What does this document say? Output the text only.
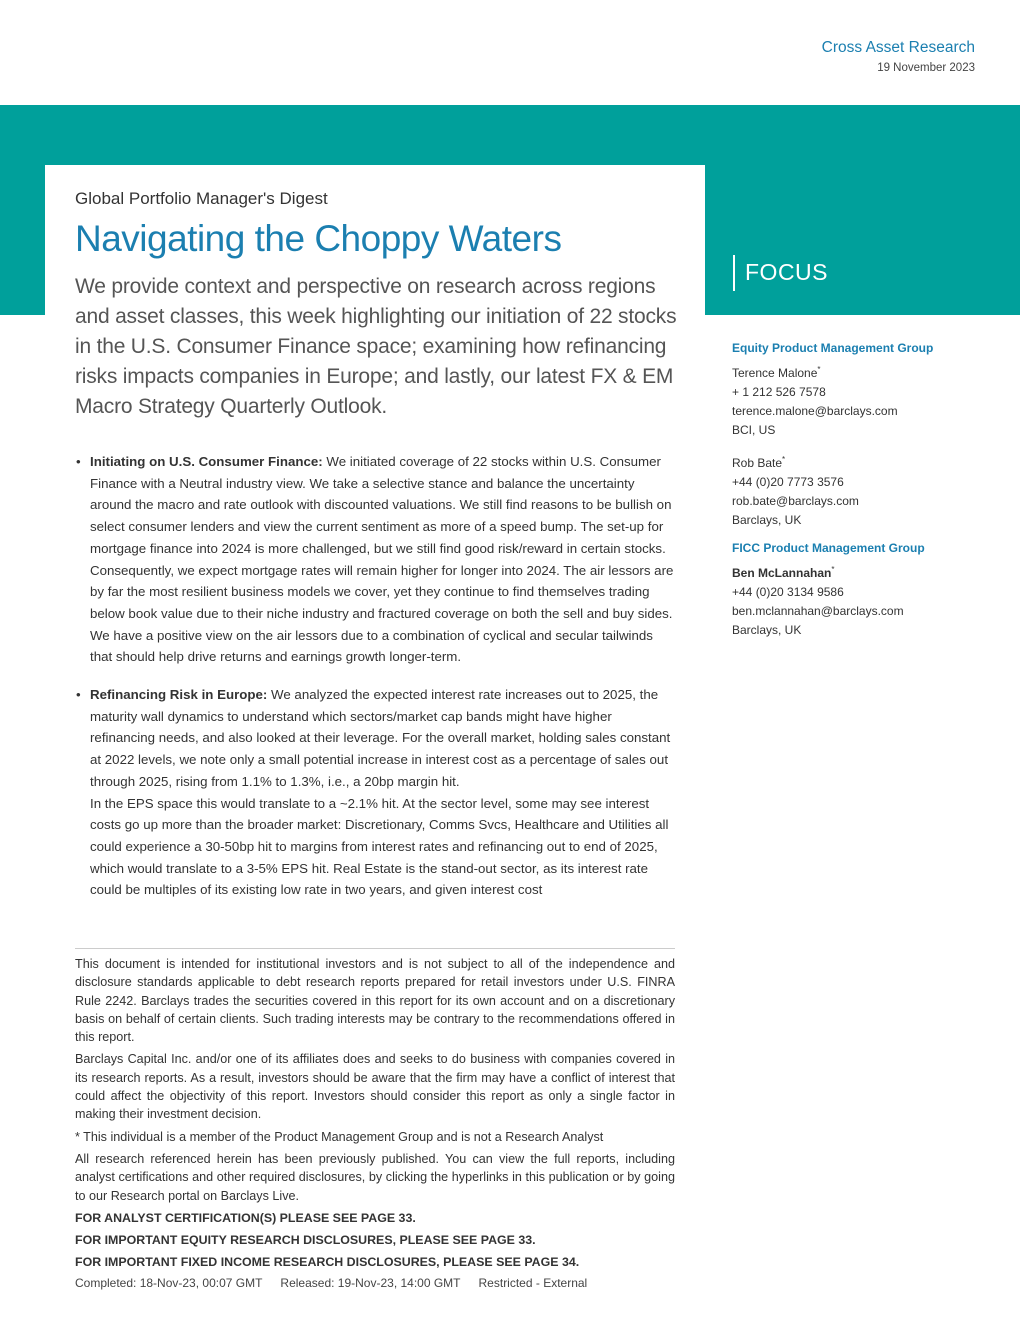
Cross Asset Research
19 November 2023
Global Portfolio Manager's Digest
Navigating the Choppy Waters

We provide context and perspective on research across regions and asset classes, this week highlighting our initiation of 22 stocks in the U.S. Consumer Finance space; examining how refinancing risks impacts companies in Europe; and lastly, our latest FX & EM Macro Strategy Quarterly Outlook.

FOCUS
Equity Product Management Group
Terence Malone*
+ 1 212 526 7578
terence.malone@barclays.com
BCI, US
Rob Bate*
+44 (0)20 7773 3576
rob.bate@barclays.com
Barclays, UK
FICC Product Management Group
Ben McLannahan*
+44 (0)20 3134 9586
ben.mclannahan@barclays.com
Barclays, UK
• Initiating on U.S. Consumer Finance: We initiated coverage of 22 stocks within U.S. Consumer Finance with a Neutral industry view. We take a selective stance and balance the uncertainty around the macro and rate outlook with discounted valuations. We still find reasons to be bullish on select consumer lenders and view the current sentiment as more of a speed bump. The set-up for mortgage finance into 2024 is more challenged, but we still find good risk/reward in certain stocks. Consequently, we expect mortgage rates will remain higher for longer into 2024. The air lessors are by far the most resilient business models we cover, yet they continue to find themselves trading below book value due to their niche industry and fractured coverage on both the sell and buy sides. We have a positive view on the air lessors due to a combination of cyclical and secular tailwinds that should help drive returns and earnings growth longer-term.
• Refinancing Risk in Europe: We analyzed the expected interest rate increases out to 2025, the maturity wall dynamics to understand which sectors/market cap bands might have higher refinancing needs, and also looked at their leverage. For the overall market, holding sales constant at 2022 levels, we note only a small potential increase in interest cost as a percentage of sales out through 2025, rising from 1.1% to 1.3%, i.e., a 20bp margin hit.
In the EPS space this would translate to a ~2.1% hit. At the sector level, some may see interest costs go up more than the broader market: Discretionary, Comms Svcs, Healthcare and Utilities all could experience a 30-50bp hit to margins from interest rates and refinancing out to end of 2025, which would translate to a 3-5% EPS hit. Real Estate is the stand-out sector, as its interest rate could be multiples of its existing low rate in two years, and given interest cost

This document is intended for institutional investors and is not subject to all of the independence and disclosure standards applicable to debt research reports prepared for retail investors under U.S. FINRA Rule 2242. Barclays trades the securities covered in this report for its own account and on a discretionary basis on behalf of certain clients. Such trading interests may be contrary to the recommendations offered in this report.

Barclays Capital Inc. and/or one of its affiliates does and seeks to do business with companies covered in its research reports. As a result, investors should be aware that the firm may have a conflict of interest that could affect the objectivity of this report. Investors should consider this report as only a single factor in making their investment decision.

* This individual is a member of the Product Management Group and is not a Research Analyst

All research referenced herein has been previously published. You can view the full reports, including analyst certifications and other required disclosures, by clicking the hyperlinks in this publication or by going to our Research portal on Barclays Live.

FOR ANALYST CERTIFICATION(S) PLEASE SEE PAGE 33.

FOR IMPORTANT EQUITY RESEARCH DISCLOSURES, PLEASE SEE PAGE 33.

FOR IMPORTANT FIXED INCOME RESEARCH DISCLOSURES, PLEASE SEE PAGE 34.

Completed: 18-Nov-23, 00:07 GMT Released: 19-Nov-23, 14:00 GMT Restricted - External
